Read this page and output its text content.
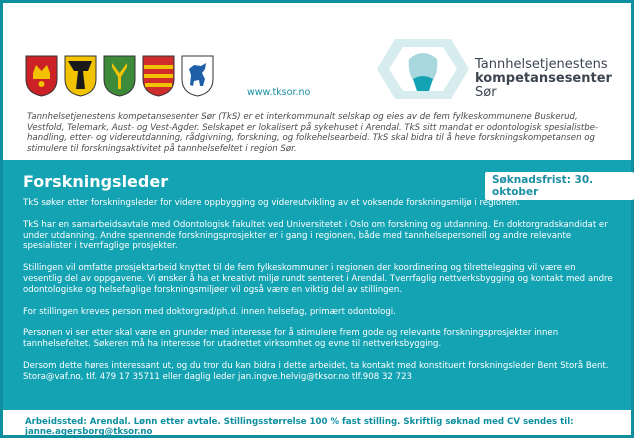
www.tksor.no
Tannhelsetjenestens
kompetansesenter
Sør
Tannhelsetjenestens kompetansesenter Sør (TkS) er et interkommunalt selskap og eies av de fem fylkeskommunene Buskerud, Vestfold, Telemark, Aust- og Vest-Agder. Selskapet er lokalisert på sykehuset i Arendal. TkS sitt mandat er odontologisk spesialistbehandling, etter- og videreutdanning, rådgivning, forskning, og folkehelsearbeid. TkS skal bidra til å heve forskningskompetansen og stimulere til forskningsaktivitet på tannhelsefeltet i region Sør.
Forskningsleder	Søknadsfrist: 30. oktober

TkS søker etter forskningsleder for videre oppbygging og videreutvikling av et voksende forskningsmiljø i regionen.

TkS har en samarbeidsavtale med Odontologisk fakultet ved Universitetet i Oslo om forskning og utdanning. En doktorgradskandidat er under utdanning. Andre spennende forskningsprosjekter er i gang i regionen, både med tannhelsepersonell og andre relevante spesialister i tverrfaglige prosjekter.

Stillingen vil omfatte prosjektarbeid knyttet til de fem fylkeskommuner i regionen der koordinering og tilrettelegging vil være en vesentlig del av oppgavene. Vi ønsker å ha et kreativt miljø rundt senteret i Arendal. Tverrfaglig nettverksbygging og kontakt med andre odontologiske og helsefaglige forskningsmiljøer vil også være en viktig del av stillingen.

For stillingen kreves person med doktorgrad/ph.d. innen helsefag, primært odontologi.

Personen vi ser etter skal være en grunder med interesse for å stimulere frem gode og relevante forskningsprosjekter innen tannhelsefeltet. Søkeren må ha interesse for utadrettet virksomhet og evne til nettverksbygging.

Dersom dette høres interessant ut, og du tror du kan bidra i dette arbeidet, ta kontakt med konstituert forskningsleder Bent Storå Bent. Stora@vaf.no, tlf. 479 17 35711 eller daglig leder jan.ingve.helvig@tksor.no tlf.908 32 723

Arbeidssted: Arendal. Lønn etter avtale. Stillingsstørrelse 100 % fast stilling. Skriftlig søknad med CV sendes til: janne.agersborg@tksor.no
